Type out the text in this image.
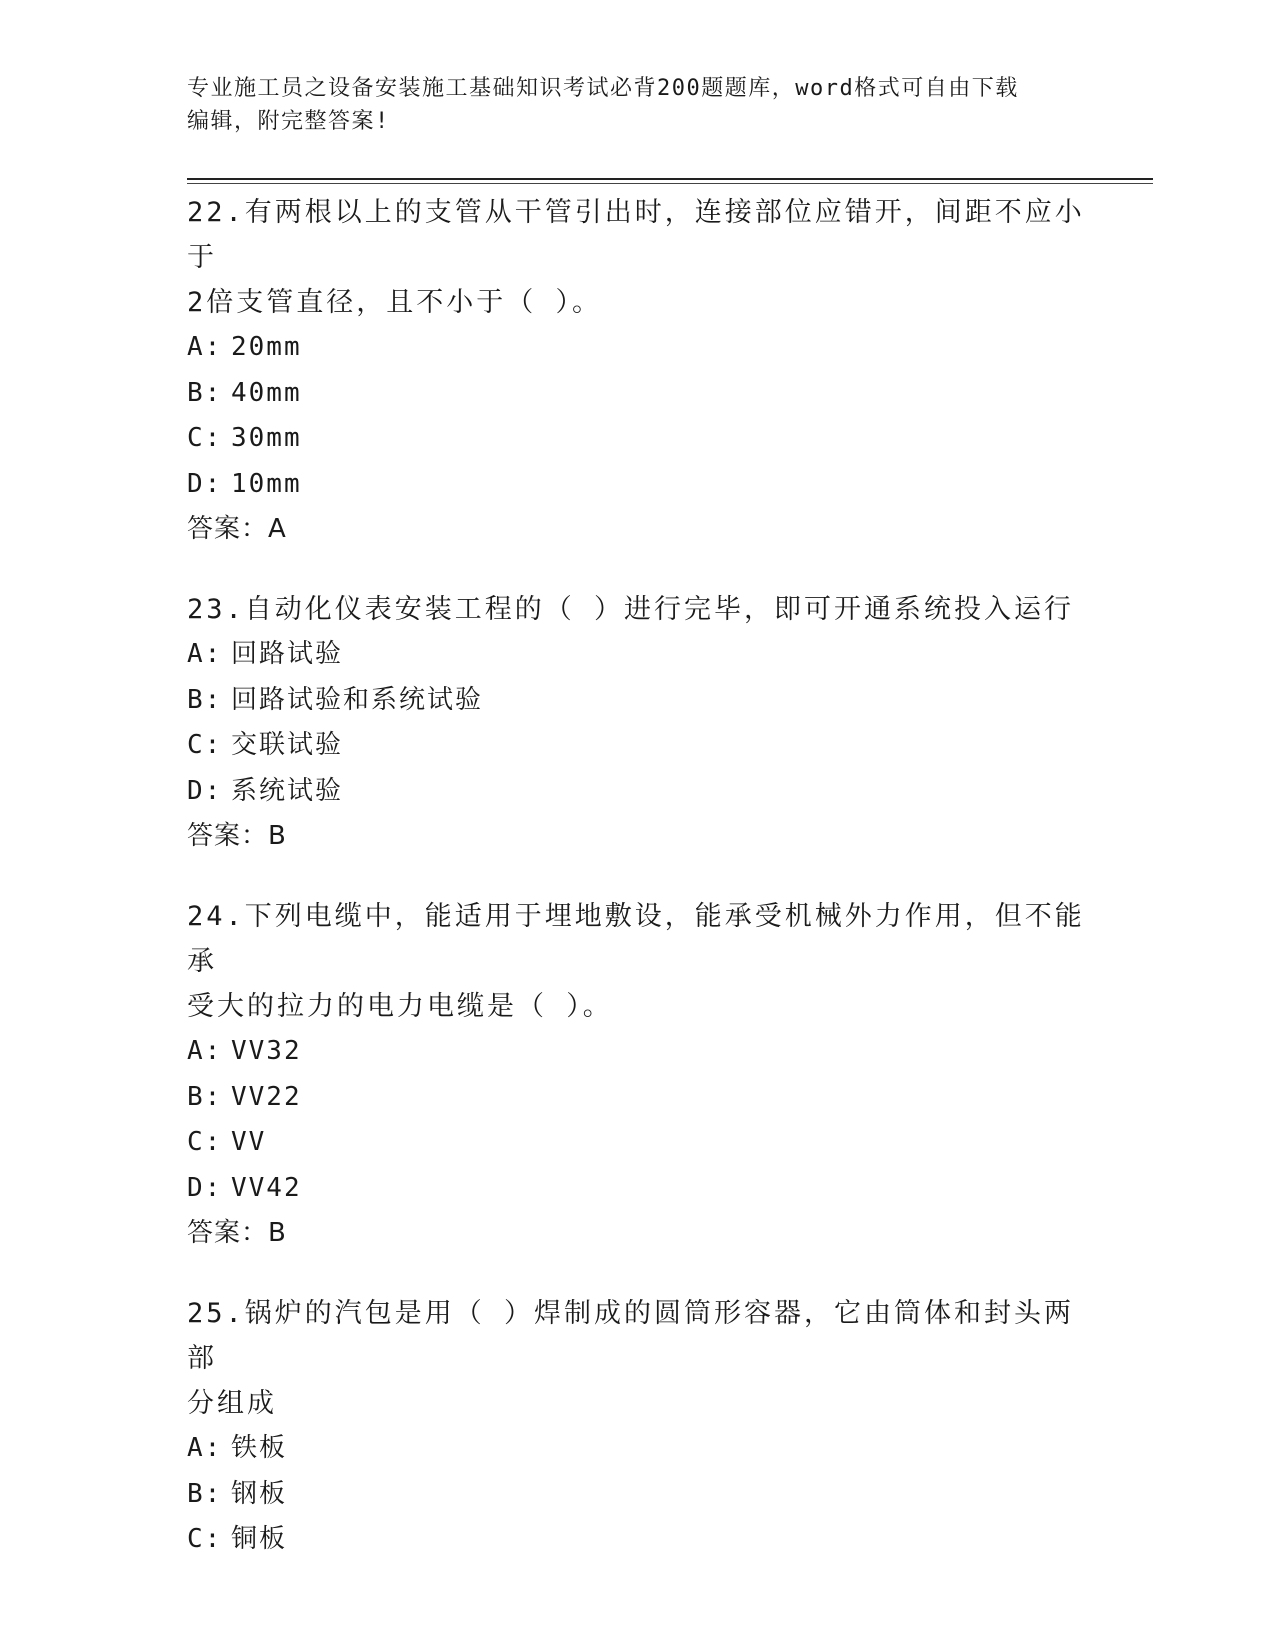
专业施工员之设备安装施工基础知识考试必背200题题库，word格式可自由下载
编辑，附完整答案!
22.有两根以上的支管从干管引出时，连接部位应错开，间距不应小于
2倍支管直径，且不小于（ ）。
A: 20mm
B: 40mm
C: 30mm
D: 10mm
答案：A
23.自动化仪表安装工程的（ ）进行完毕，即可开通系统投入运行
A: 回路试验
B: 回路试验和系统试验
C: 交联试验
D: 系统试验
答案：B
24.下列电缆中，能适用于埋地敷设，能承受机械外力作用，但不能承
受大的拉力的电力电缆是（ ）。
A: VV32
B: VV22
C: VV
D: VV42
答案：B
25.锅炉的汽包是用（ ）焊制成的圆筒形容器，它由筒体和封头两部
分组成
A: 铁板
B: 钢板
C: 铜板
